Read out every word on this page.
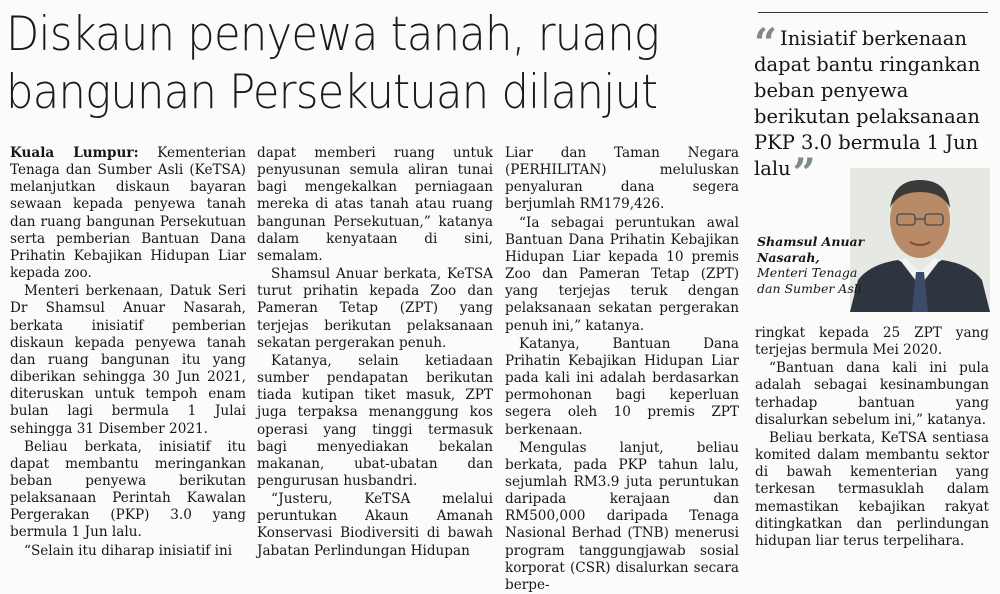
Diskaun penyewa tanah, ruang
bangunan Persekutuan dilanjut
“ Inisiatif berkenaan dapat bantu ringankan beban penyewa berikutan pelaksanaan PKP 3.0 bermula 1 Jun lalu”
Shamsul Anuar Nasarah,
Menteri Tenaga dan Sumber Asli

Kuala Lumpur: Kementerian Tenaga dan Sumber Asli (KeTSA) melanjutkan diskaun bayaran sewaan kepada penyewa tanah dan ruang bangunan Persekutuan serta pemberian Bantuan Dana Prihatin Kebajikan Hidupan Liar kepada zoo.

Menteri berkenaan, Datuk Seri Dr Shamsul Anuar Nasarah, berkata inisiatif pemberian diskaun kepada penyewa tanah dan ruang bangunan itu yang diberikan sehingga 30 Jun 2021, diteruskan untuk tempoh enam bulan lagi bermula 1 Julai sehingga 31 Disember 2021.

Beliau berkata, inisiatif itu dapat membantu meringankan beban penyewa berikutan pelaksanaan Perintah Kawalan Pergerakan (PKP) 3.0 yang bermula 1 Jun lalu.

“Selain itu diharap inisiatif ini

dapat memberi ruang untuk penyusunan semula aliran tunai bagi mengekalkan perniagaan mereka di atas tanah atau ruang bangunan Persekutuan,” katanya dalam kenyataan di sini, semalam.

Shamsul Anuar berkata, KeTSA turut prihatin kepada Zoo dan Pameran Tetap (ZPT) yang terjejas berikutan pelaksanaan sekatan pergerakan penuh.

Katanya, selain ketiadaan sumber pendapatan berikutan tiada kutipan tiket masuk, ZPT juga terpaksa menanggung kos operasi yang tinggi termasuk bagi menyediakan bekalan makanan, ubat-ubatan dan pengurusan husbandri.

“Justeru, KeTSA melalui peruntukan Akaun Amanah Konservasi Biodiversiti di bawah Jabatan Perlindungan Hidupan

Liar dan Taman Negara (PERHILITAN) meluluskan penyaluran dana segera berjumlah RM179,426.

“Ia sebagai peruntukan awal Bantuan Dana Prihatin Kebajikan Hidupan Liar kepada 10 premis Zoo dan Pameran Tetap (ZPT) yang terjejas teruk dengan pelaksanaan sekatan pergerakan penuh ini,” katanya.

Katanya, Bantuan Dana Prihatin Kebajikan Hidupan Liar pada kali ini adalah berdasarkan permohonan bagi keperluan segera oleh 10 premis ZPT berkenaan.

Mengulas lanjut, beliau berkata, pada PKP tahun lalu, sejumlah RM3.9 juta peruntukan daripada kerajaan dan RM500,000 daripada Tenaga Nasional Berhad (TNB) menerusi program tanggungjawab sosial korporat (CSR) disalurkan secara berpe-

ringkat kepada 25 ZPT yang terjejas bermula Mei 2020.

“Bantuan dana kali ini pula adalah sebagai kesinambungan terhadap bantuan yang disalurkan sebelum ini,” katanya.

Beliau berkata, KeTSA sentiasa komited dalam membantu sektor di bawah kementerian yang terkesan termasuklah dalam memastikan kebajikan rakyat ditingkatkan dan perlindungan hidupan liar terus terpelihara.
